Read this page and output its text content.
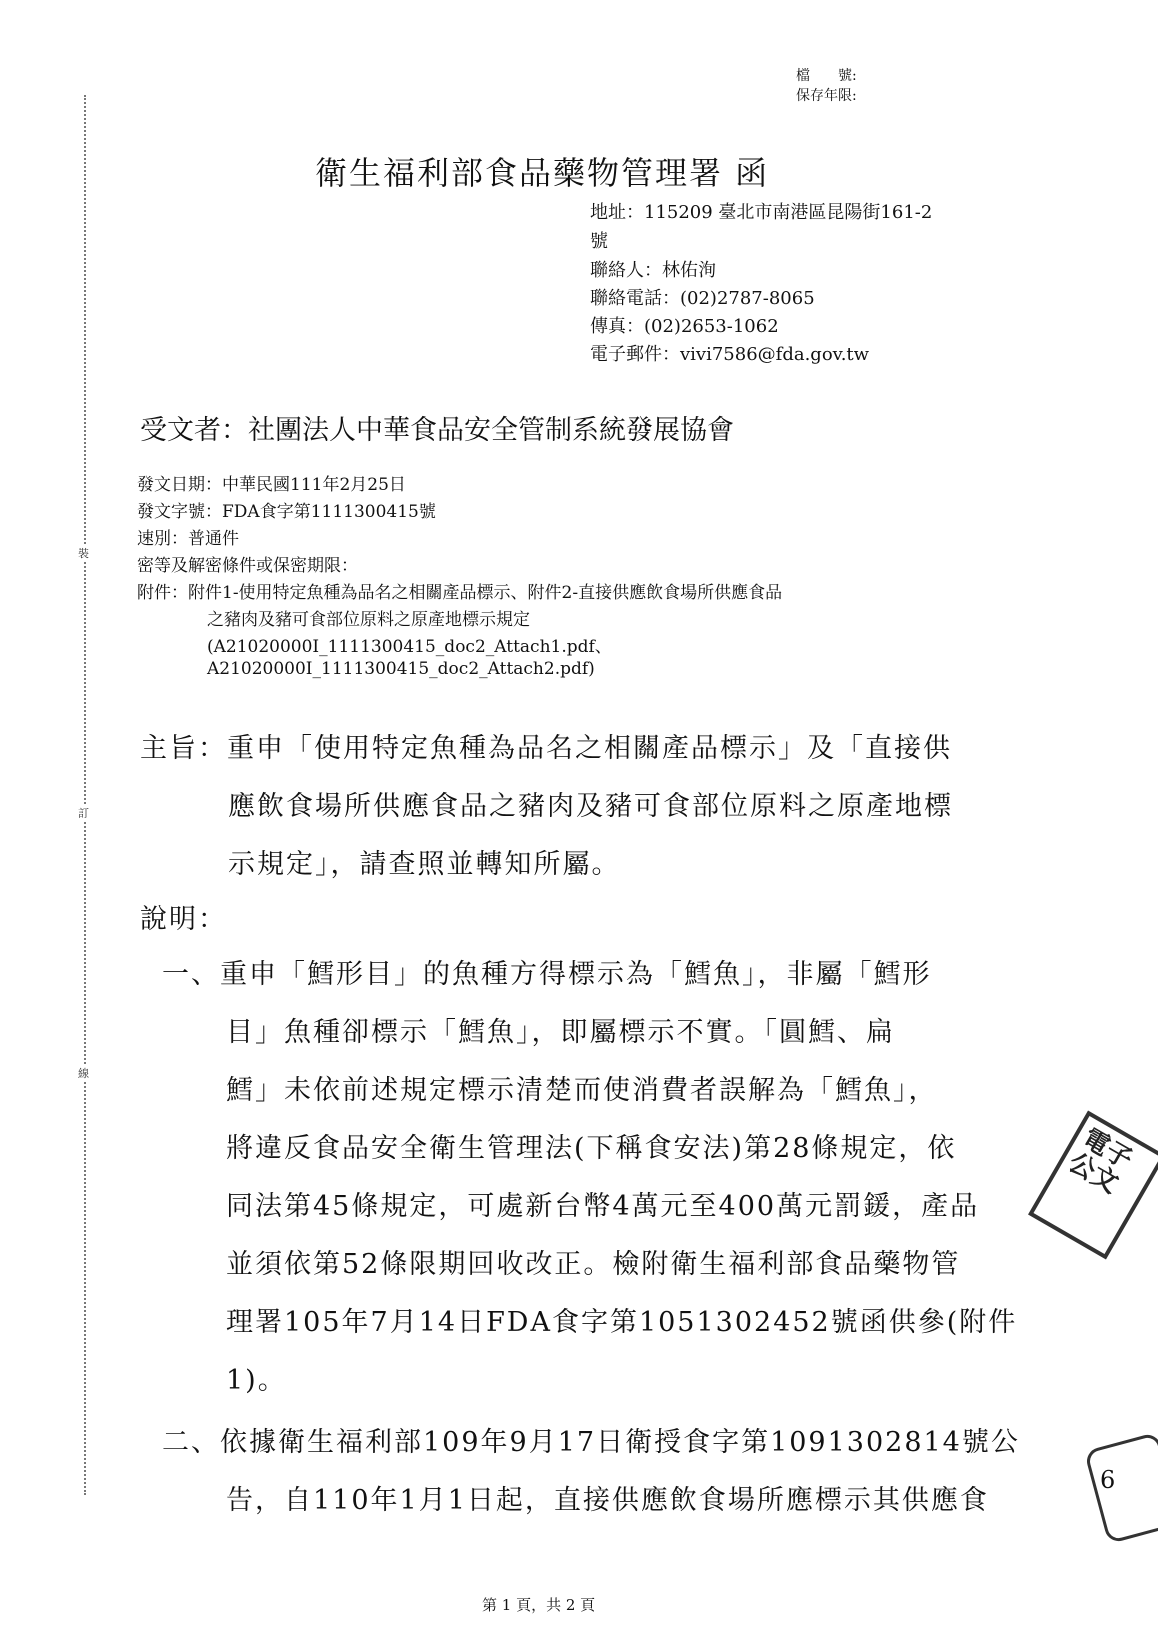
裝
訂
線
檔　　號:
保存年限:
衛生福利部食品藥物管理署 函
地址：115209 臺北市南港區昆陽街161-2
號
聯絡人：林佑洵
聯絡電話：(02)2787-8065
傳真：(02)2653-1062
電子郵件：vivi7586@fda.gov.tw
受文者：社團法人中華食品安全管制系統發展協會
發文日期：中華民國111年2月25日
發文字號：FDA食字第1111300415號
速別：普通件
密等及解密條件或保密期限：
附件：附件1-使用特定魚種為品名之相關產品標示、附件2-直接供應飲食場所供應食品
之豬肉及豬可食部位原料之原產地標示規定
(A21020000I_1111300415_doc2_Attach1.pdf、
A21020000I_1111300415_doc2_Attach2.pdf)
主旨：重申「使用特定魚種為品名之相關產品標示」及「直接供
應飲食場所供應食品之豬肉及豬可食部位原料之原產地標
示規定」，請查照並轉知所屬。
說明：
一、重申「鱈形目」的魚種方得標示為「鱈魚」，非屬「鱈形
目」魚種卻標示「鱈魚」，即屬標示不實。「圓鱈、扁
鱈」未依前述規定標示清楚而使消費者誤解為「鱈魚」，
將違反食品安全衛生管理法(下稱食安法)第28條規定，依
同法第45條規定，可處新台幣4萬元至400萬元罰鍰，產品
並須依第52條限期回收改正。檢附衛生福利部食品藥物管
理署105年7月14日FDA食字第1051302452號函供參(附件
1)。
二、依據衛生福利部109年9月17日衛授食字第1091302814號公
告，自110年1月1日起，直接供應飲食場所應標示其供應食
電子公文
6
第 1 頁，共 2 頁
